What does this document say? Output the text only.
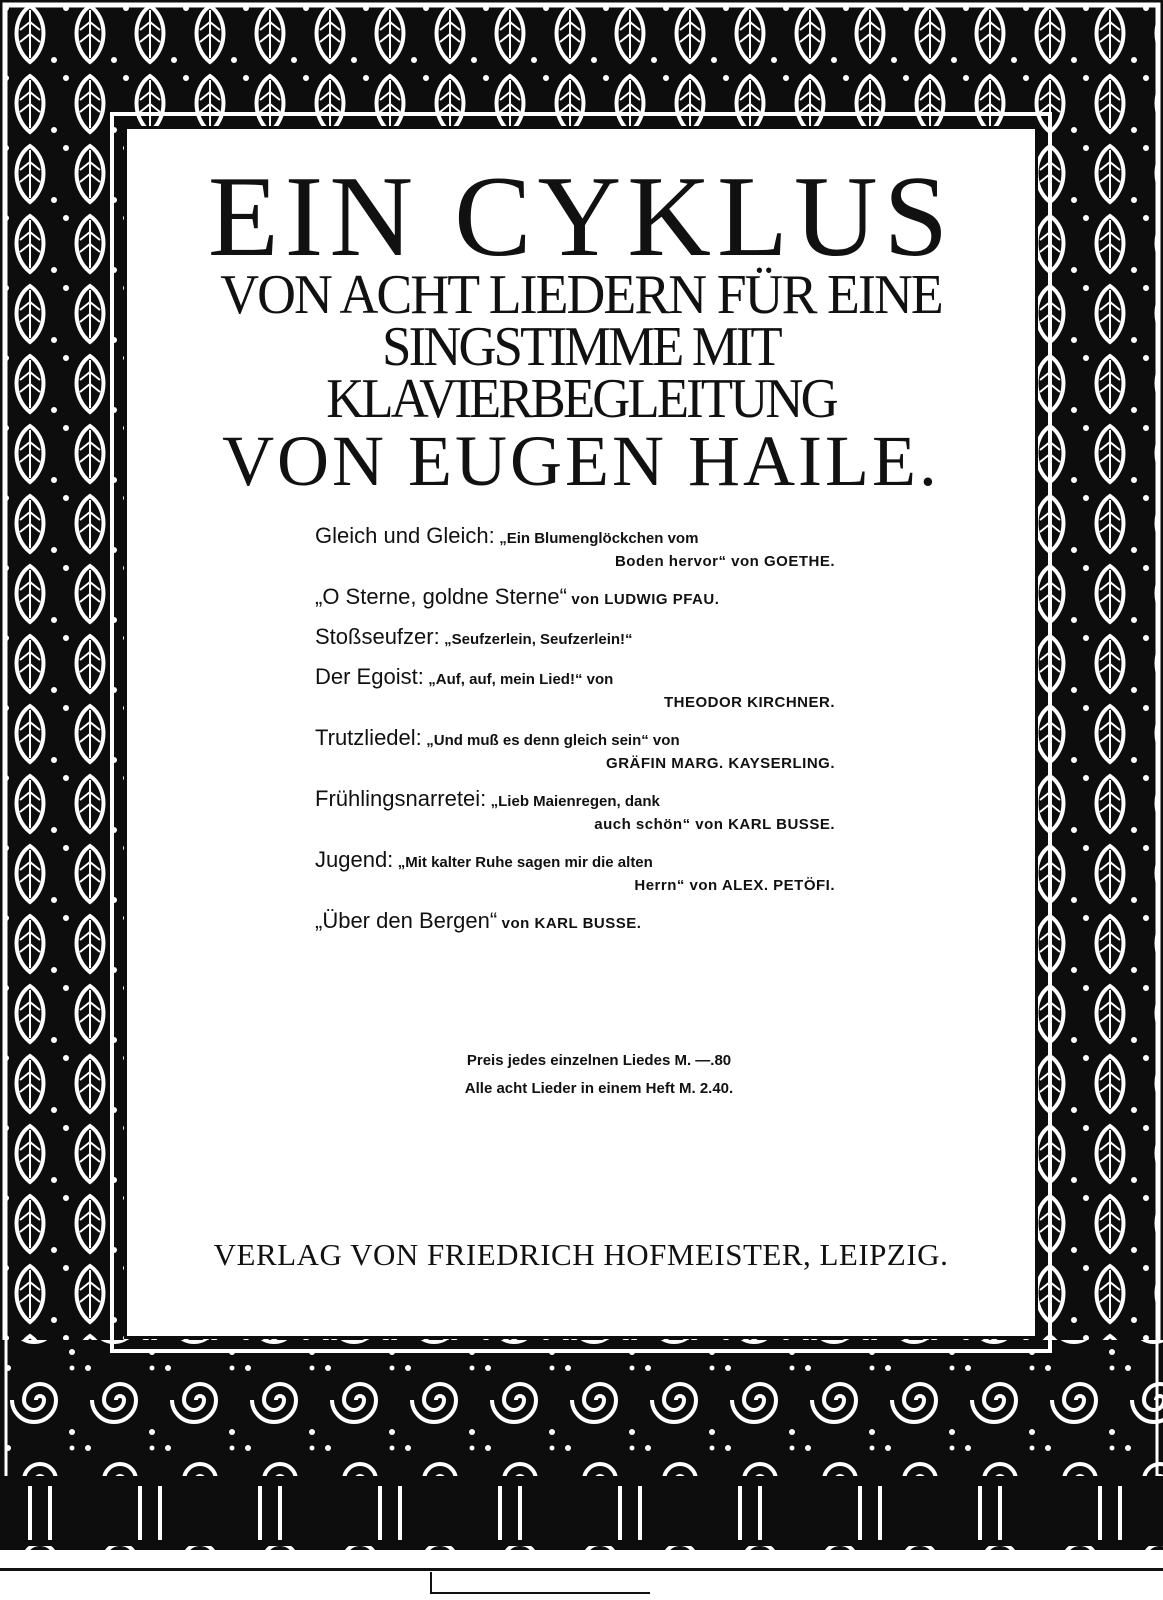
EIN CYKLUS
VON ACHT LIEDERN FÜR EINE
SINGSTIMME MIT KLAVIERBEGLEITUNG
VON EUGEN HAILE.
Gleich und Gleich: „Ein Blumenglöckchen vom
Boden hervor“ von GOETHE.
„O Sterne, goldne Sterne“ von LUDWIG PFAU.
Stoßseufzer: „Seufzerlein, Seufzerlein!“
Der Egoist: „Auf, auf, mein Lied!“ von
THEODOR KIRCHNER.
Trutzliedel: „Und muß es denn gleich sein“ von
GRÄFIN MARG. KAYSERLING.
Frühlingsnarretei: „Lieb Maienregen, dank
auch schön“ von KARL BUSSE.
Jugend: „Mit kalter Ruhe sagen mir die alten
Herrn“ von ALEX. PETÖFI.
„Über den Bergen“ von KARL BUSSE.
Preis jedes einzelnen Liedes M. —.80
Alle acht Lieder in einem Heft M. 2.40.
VERLAG VON FRIEDRICH HOFMEISTER, LEIPZIG.
